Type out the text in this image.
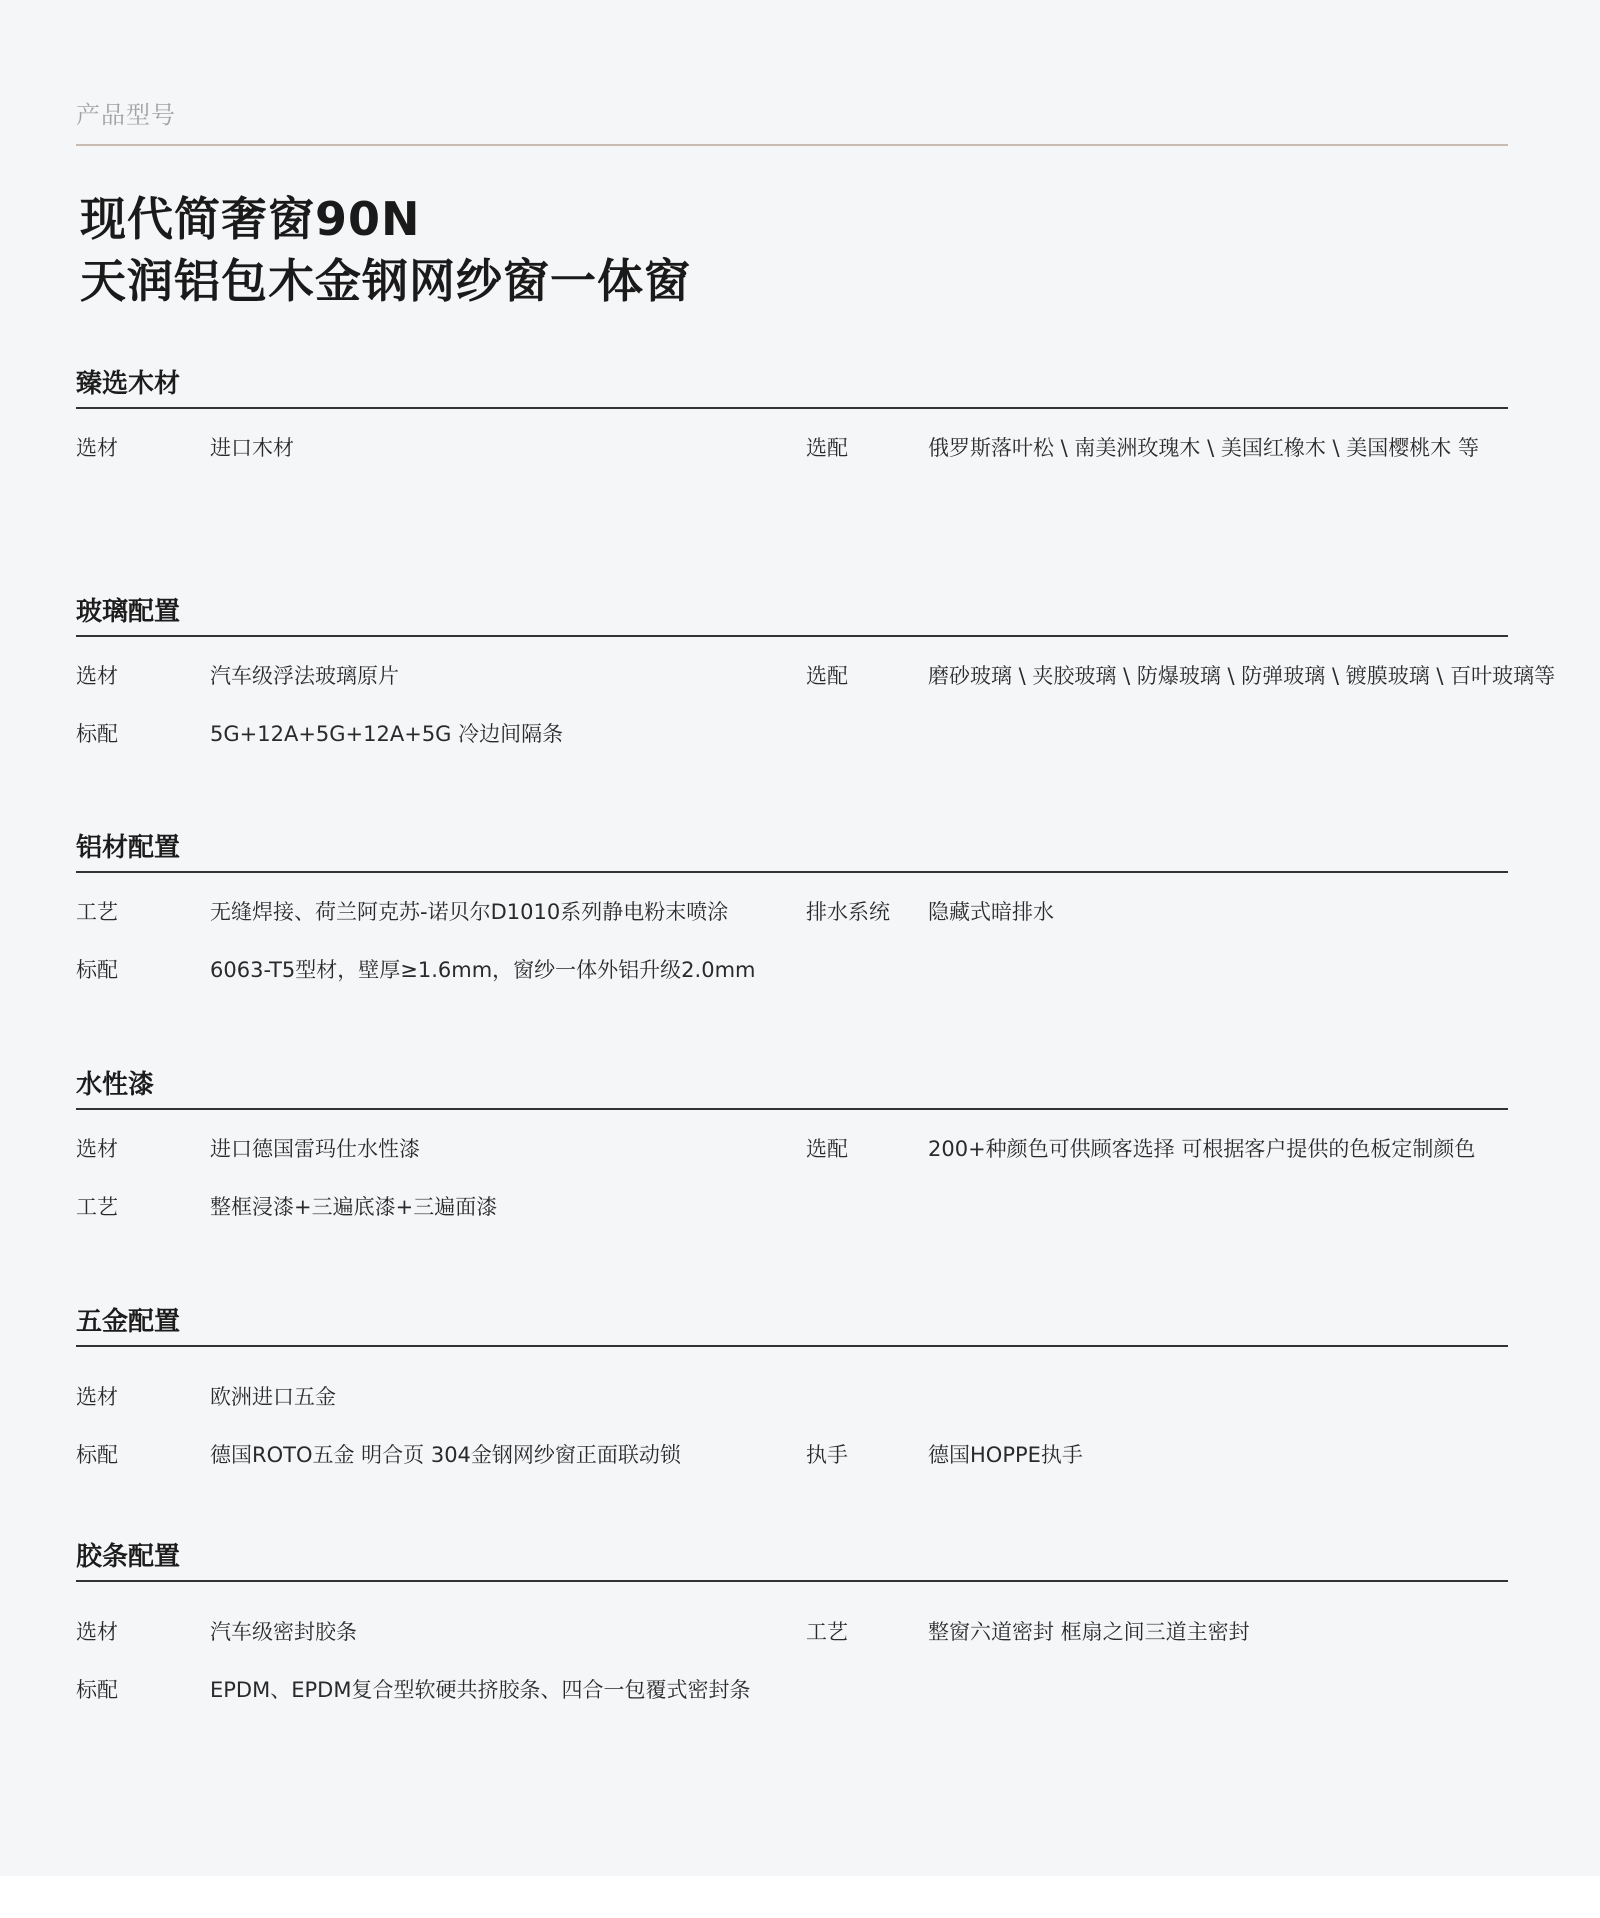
产品型号
现代简奢窗90N
天润铝包木金钢网纱窗一体窗
臻选木材
选材	进口木材	选配	俄罗斯落叶松 \ 南美洲玫瑰木 \ 美国红橡木 \ 美国樱桃木 等
玻璃配置
选材	汽车级浮法玻璃原片	选配	磨砂玻璃 \ 夹胶玻璃 \ 防爆玻璃 \ 防弹玻璃 \ 镀膜玻璃 \ 百叶玻璃等
标配	5G+12A+5G+12A+5G 冷边间隔条
铝材配置
工艺	无缝焊接、荷兰阿克苏-诺贝尔D1010系列静电粉末喷涂	排水系统 隐藏式暗排水
标配	6063-T5型材，壁厚≥1.6mm，窗纱一体外铝升级2.0mm
水性漆
选材	进口德国雷玛仕水性漆	选配	200+种颜色可供顾客选择 可根据客户提供的色板定制颜色
工艺	整框浸漆+三遍底漆+三遍面漆
五金配置
选材	欧洲进口五金
标配	德国ROTO五金 明合页 304金钢网纱窗正面联动锁	执手	德国HOPPE执手
胶条配置
选材	汽车级密封胶条	工艺	整窗六道密封 框扇之间三道主密封
标配	EPDM、EPDM复合型软硬共挤胶条、四合一包覆式密封条
